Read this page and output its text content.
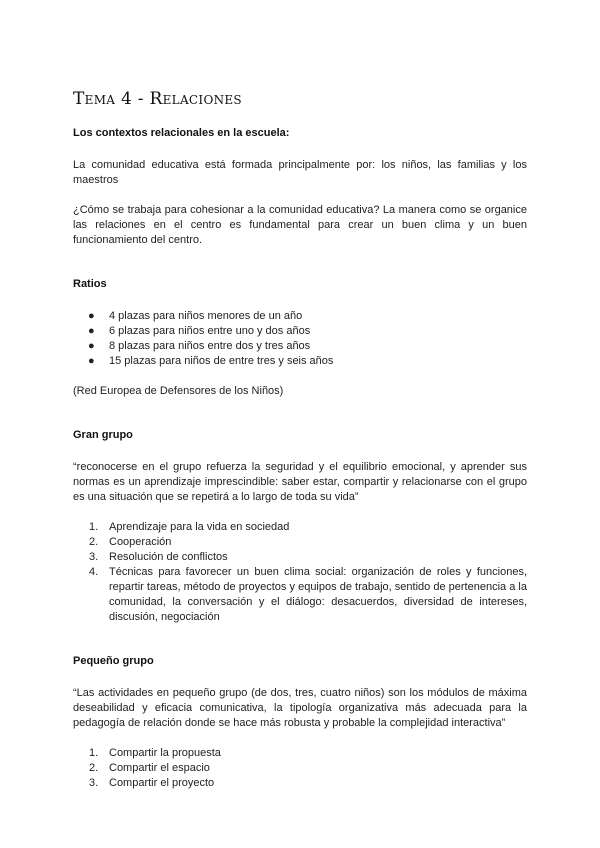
Tema 4 - Relaciones
Los contextos relacionales en la escuela:

La comunidad educativa está formada principalmente por: los niños, las familias y los maestros

¿Cómo se trabaja para cohesionar a la comunidad educativa? La manera como se organice las relaciones en el centro es fundamental para crear un buen clima y un buen funcionamiento del centro.

Ratios
● 4 plazas para niños menores de un año
● 6 plazas para niños entre uno y dos años
● 8 plazas para niños entre dos y tres años
● 15 plazas para niños de entre tres y seis años

(Red Europea de Defensores de los Niños)

Gran grupo

“reconocerse en el grupo refuerza la seguridad y el equilibrio emocional, y aprender sus normas es un aprendizaje imprescindible: saber estar, compartir y relacionarse con el grupo es una situación que se repetirá a lo largo de toda su vida”

1. Aprendizaje para la vida en sociedad
2. Cooperación
3. Resolución de conflictos
4. Técnicas para favorecer un buen clima social: organización de roles y funciones, repartir tareas, método de proyectos y equipos de trabajo, sentido de pertenencia a la comunidad, la conversación y el diálogo: desacuerdos, diversidad de intereses, discusión, negociación
Pequeño grupo

“Las actividades en pequeño grupo (de dos, tres, cuatro niños) son los módulos de máxima deseabilidad y eficacia comunicativa, la tipología organizativa más adecuada para la pedagogía de relación donde se hace más robusta y probable la complejidad interactiva”

1. Compartir la propuesta
2. Compartir el espacio
3. Compartir el proyecto
